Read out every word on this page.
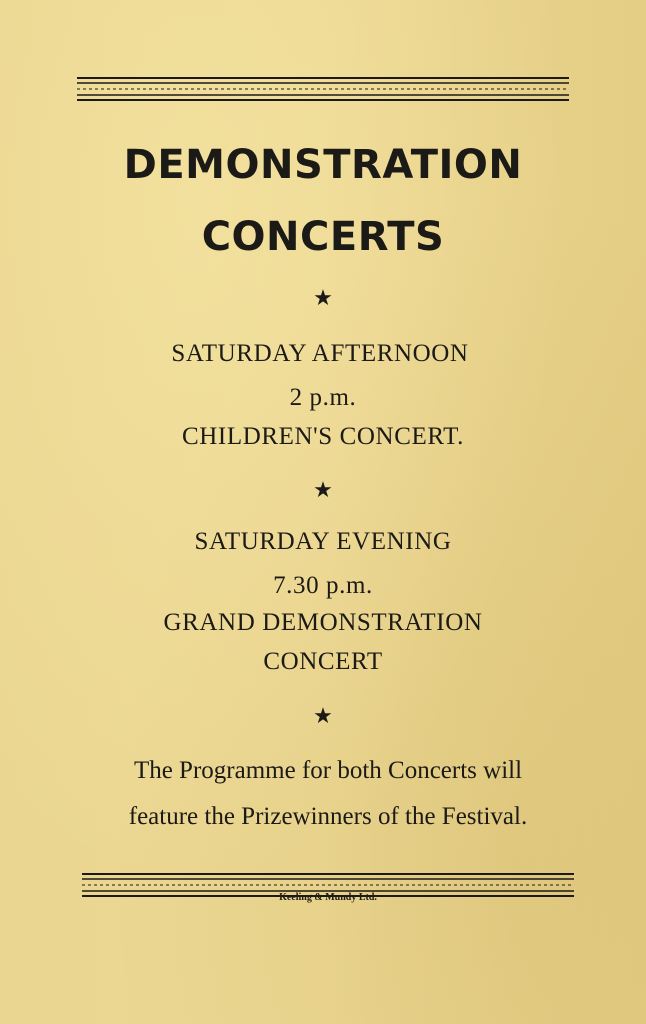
DEMONSTRATION
CONCERTS
★

SATURDAY AFTERNOON

2 p.m.

CHILDREN'S CONCERT.

★

SATURDAY EVENING

7.30 p.m.

GRAND DEMONSTRATION

CONCERT

★

The Programme for both Concerts will

feature the Prizewinners of the Festival.

Keeling & Mundy Ltd.
